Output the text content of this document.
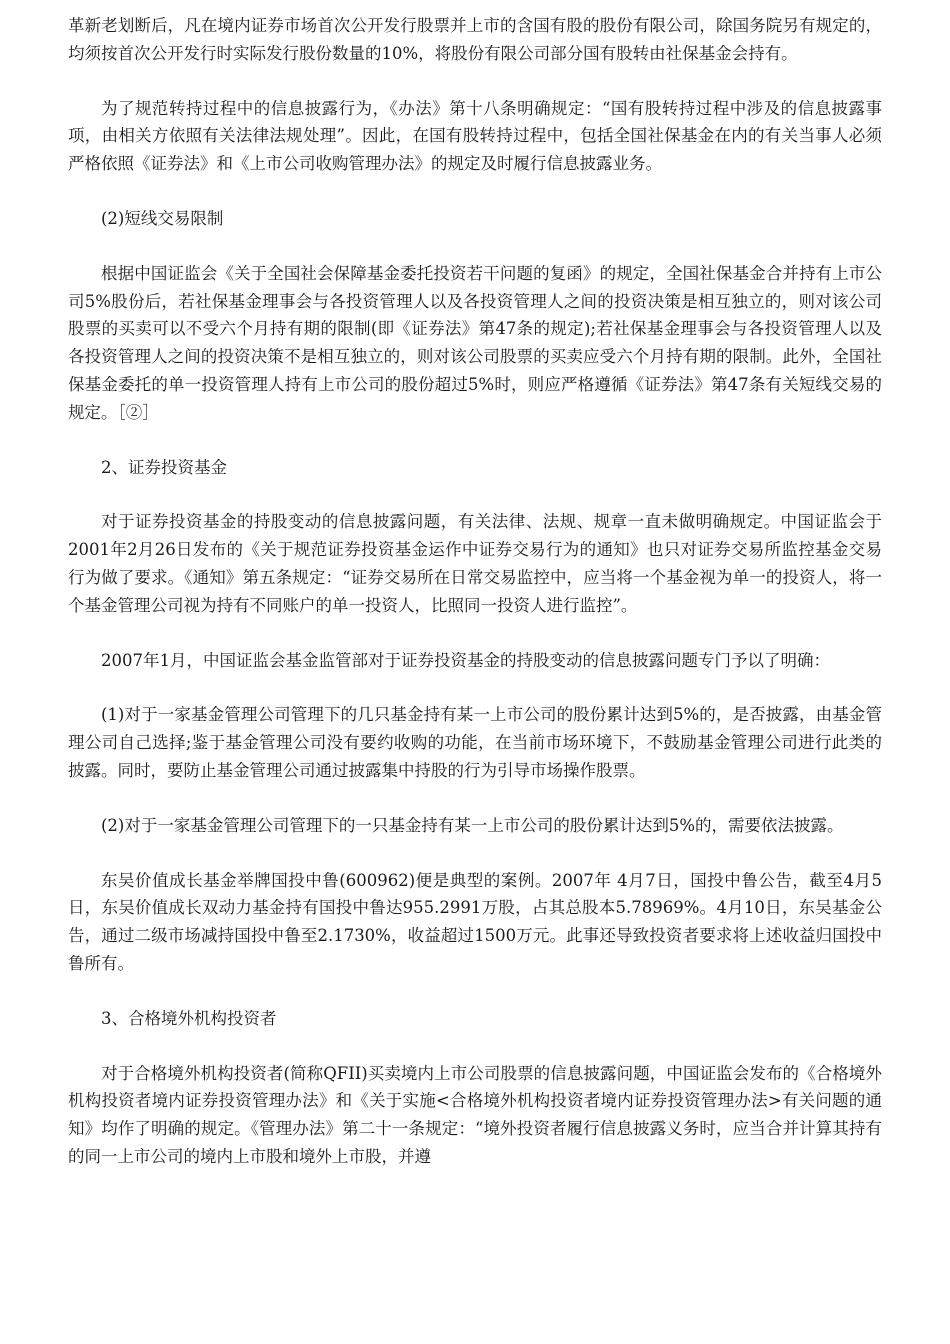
革新老划断后，凡在境内证券市场首次公开发行股票并上市的含国有股的股份有限公司，除国务院另有规定的，均须按首次公开发行时实际发行股份数量的10%，将股份有限公司部分国有股转由社保基金会持有。

为了规范转持过程中的信息披露行为，《办法》第十八条明确规定：“国有股转持过程中涉及的信息披露事项，由相关方依照有关法律法规处理”。因此，在国有股转持过程中，包括全国社保基金在内的有关当事人必须严格依照《证券法》和《上市公司收购管理办法》的规定及时履行信息披露业务。

(2)短线交易限制

根据中国证监会《关于全国社会保障基金委托投资若干问题的复函》的规定，全国社保基金合并持有上市公司5%股份后，若社保基金理事会与各投资管理人以及各投资管理人之间的投资决策是相互独立的，则对该公司股票的买卖可以不受六个月持有期的限制(即《证券法》第47条的规定);若社保基金理事会与各投资管理人以及各投资管理人之间的投资决策不是相互独立的，则对该公司股票的买卖应受六个月持有期的限制。此外，全国社保基金委托的单一投资管理人持有上市公司的股份超过5%时，则应严格遵循《证券法》第47条有关短线交易的规定。［②］

2、证券投资基金

对于证券投资基金的持股变动的信息披露问题，有关法律、法规、规章一直未做明确规定。中国证监会于2001年2月26日发布的《关于规范证券投资基金运作中证券交易行为的通知》也只对证券交易所监控基金交易行为做了要求。《通知》第五条规定：“证券交易所在日常交易监控中，应当将一个基金视为单一的投资人，将一个基金管理公司视为持有不同账户的单一投资人，比照同一投资人进行监控”。

2007年1月，中国证监会基金监管部对于证券投资基金的持股变动的信息披露问题专门予以了明确：

(1)对于一家基金管理公司管理下的几只基金持有某一上市公司的股份累计达到5%的，是否披露，由基金管理公司自己选择;鉴于基金管理公司没有要约收购的功能，在当前市场环境下，不鼓励基金管理公司进行此类的披露。同时，要防止基金管理公司通过披露集中持股的行为引导市场操作股票。

(2)对于一家基金管理公司管理下的一只基金持有某一上市公司的股份累计达到5%的，需要依法披露。

东吴价值成长基金举牌国投中鲁(600962)便是典型的案例。2007年 4月7日，国投中鲁公告，截至4月5日，东吴价值成长双动力基金持有国投中鲁达955.2991万股，占其总股本5.78969%。4月10日，东吴基金公告，通过二级市场减持国投中鲁至2.1730%，收益超过1500万元。此事还导致投资者要求将上述收益归国投中鲁所有。

3、合格境外机构投资者

对于合格境外机构投资者(简称QFII)买卖境内上市公司股票的信息披露问题，中国证监会发布的《合格境外机构投资者境内证券投资管理办法》和《关于实施<合格境外机构投资者境内证券投资管理办法>有关问题的通知》均作了明确的规定。《管理办法》第二十一条规定：“境外投资者履行信息披露义务时，应当合并计算其持有的同一上市公司的境内上市股和境外上市股，并遵
